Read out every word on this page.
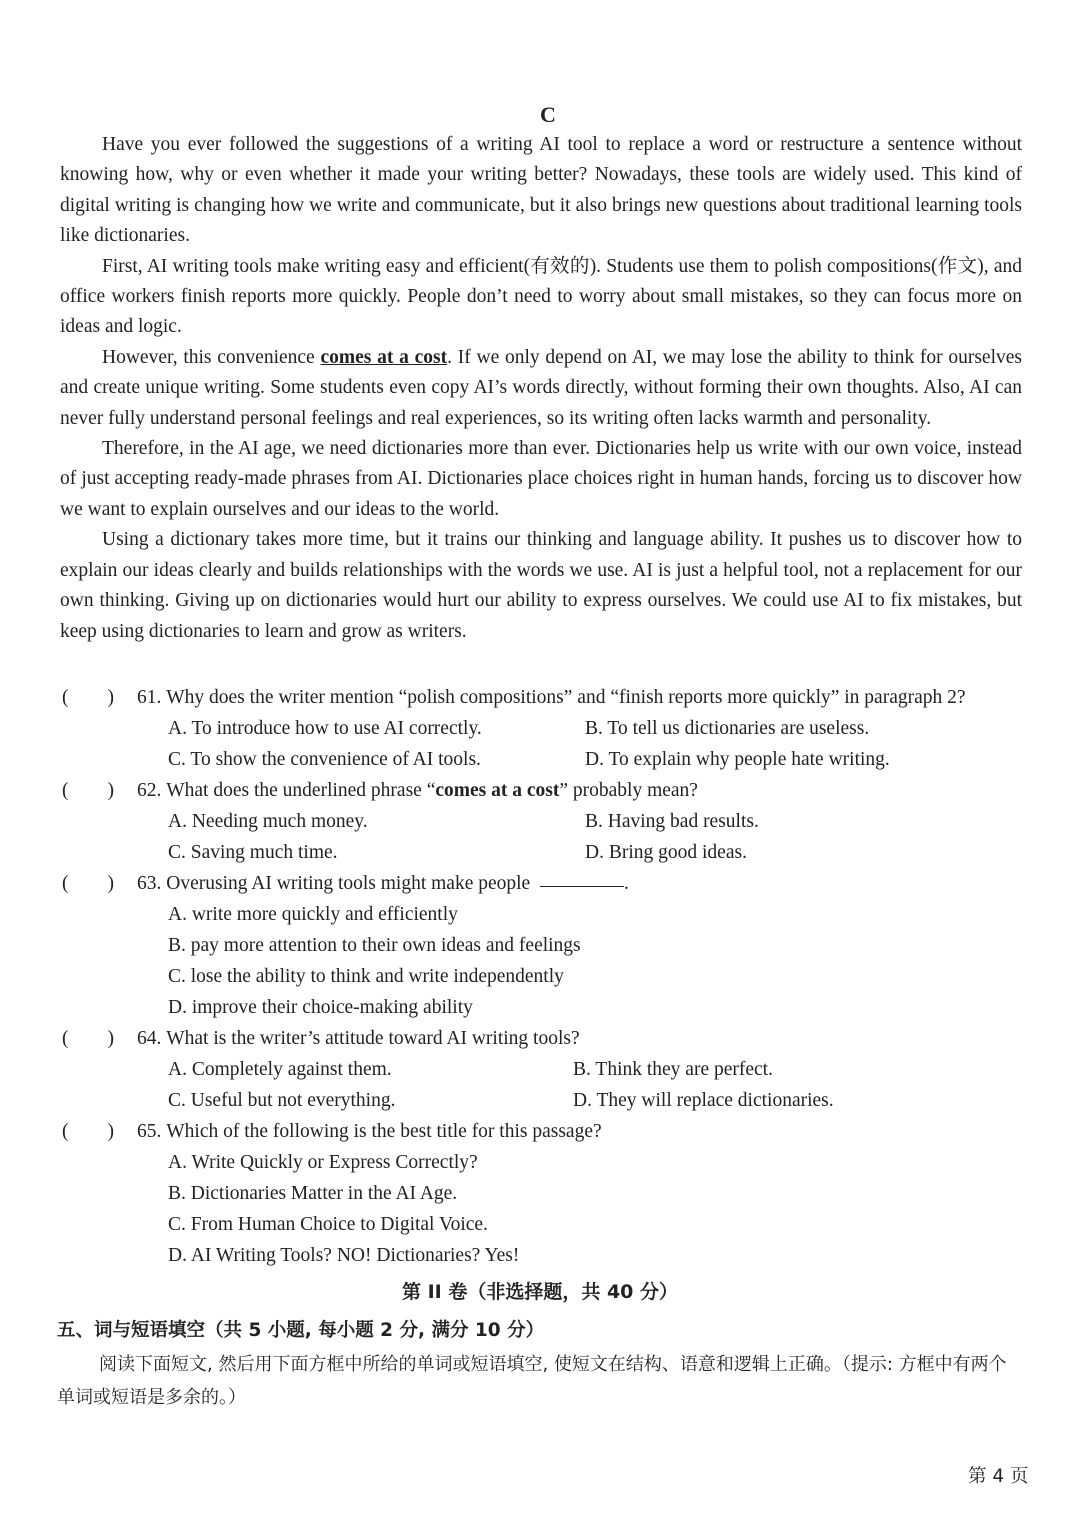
C

Have you ever followed the suggestions of a writing AI tool to replace a word or restructure a sentence without knowing how, why or even whether it made your writing better? Nowadays, these tools are widely used. This kind of digital writing is changing how we write and communicate, but it also brings new questions about traditional learning tools like dictionaries.

First, AI writing tools make writing easy and efficient(有效的). Students use them to polish compositions(作文), and office workers finish reports more quickly. People don’t need to worry about small mistakes, so they can focus more on ideas and logic.

However, this convenience comes at a cost. If we only depend on AI, we may lose the ability to think for ourselves and create unique writing. Some students even copy AI’s words directly, without forming their own thoughts. Also, AI can never fully understand personal feelings and real experiences, so its writing often lacks warmth and personality.

Therefore, in the AI age, we need dictionaries more than ever. Dictionaries help us write with our own voice, instead of just accepting ready-made phrases from AI. Dictionaries place choices right in human hands, forcing us to discover how we want to explain ourselves and our ideas to the world.

Using a dictionary takes more time, but it trains our thinking and language ability. It pushes us to discover how to explain our ideas clearly and builds relationships with the words we use. AI is just a helpful tool, not a replacement for our own thinking. Giving up on dictionaries would hurt our ability to express ourselves. We could use AI to fix mistakes, but keep using dictionaries to learn and grow as writers.

(　　)	61.
Why does the writer mention “polish compositions” and “finish reports more quickly” in paragraph 2?
A. To introduce how to use AI correctly.	B. To tell us dictionaries are useless.
C. To show the convenience of AI tools.	D. To explain why people hate writing.
(　　)	62.
What does the underlined phrase “ comes at a cost ” probably mean?
A. Needing much money.	B. Having bad results.
C. Saving much time.	D. Bring good ideas.
(　　)	63.
Overusing AI writing tools might make people
	.
A. write more quickly and efficiently
B. pay more attention to their own ideas and feelings
C. lose the ability to think and write independently
D. improve their choice-making ability
(　　)	64.
What is the writer’s attitude toward AI writing tools?
A. Completely against them.	B. Think they are perfect.
C. Useful but not everything.	D. They will replace dictionaries.
(　　)	65.
Which of the following is the best title for this passage?
A. Write Quickly or Express Correctly?
B. Dictionaries Matter in the AI Age.
C. From Human Choice to Digital Voice.
D. AI Writing Tools? NO! Dictionaries? Yes!
第 II 卷（非选择题，共 40 分）
五、词与短语填空（共 5 小题, 每小题 2 分, 满分 10 分）
阅读下面短文, 然后用下面方框中所给的单词或短语填空, 使短文在结构、语意和逻辑上正确。（提示: 方框中有两个单词或短语是多余的。）
第 4 页
